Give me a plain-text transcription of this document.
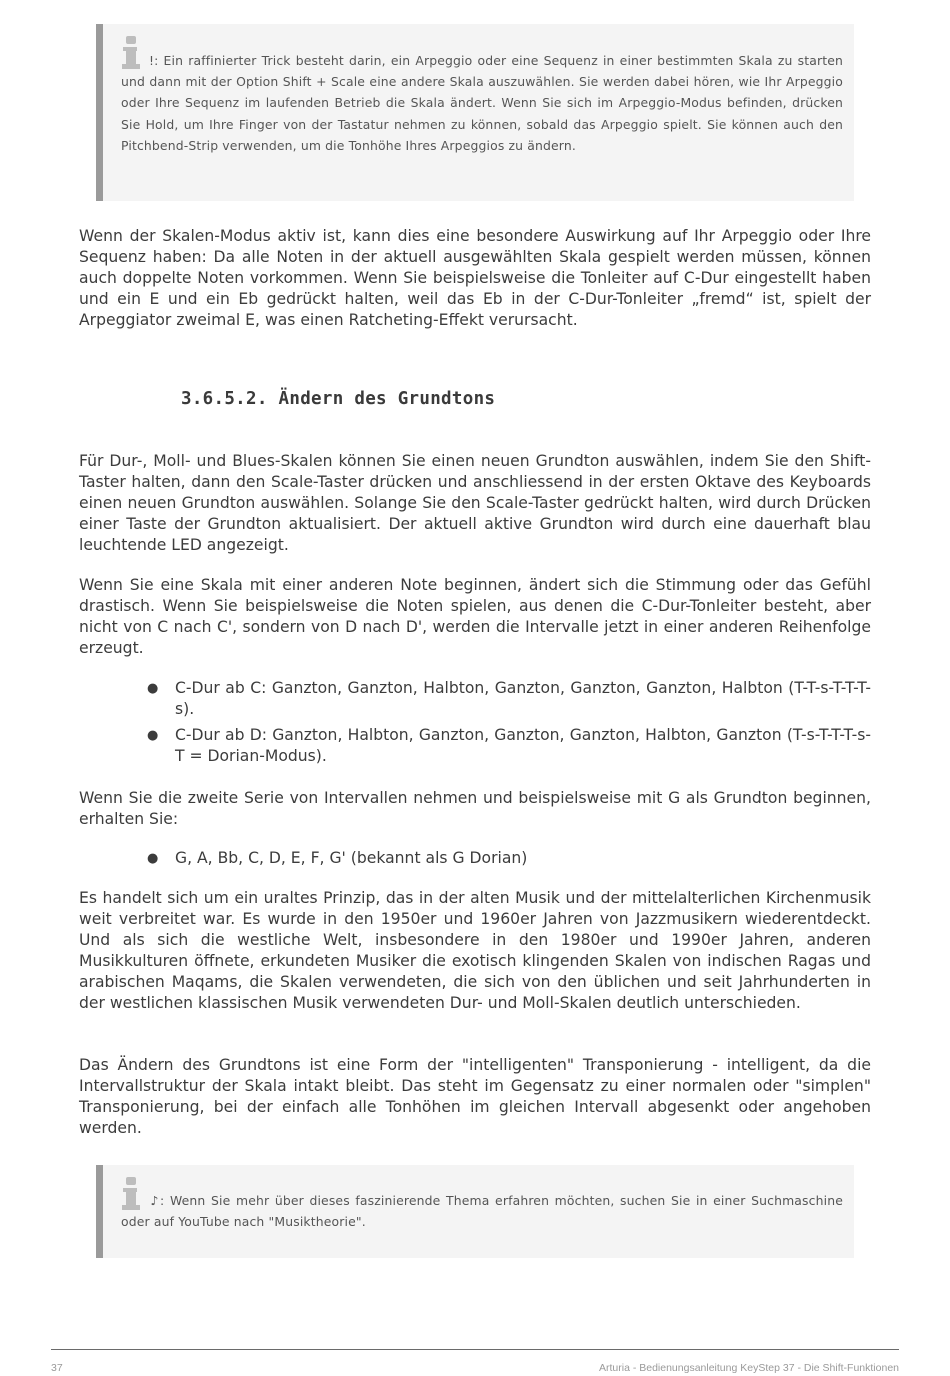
!: Ein raffinierter Trick besteht darin, ein Arpeggio oder eine Sequenz in einer bestimmten Skala zu starten und dann mit der Option Shift + Scale eine andere Skala auszuwählen. Sie werden dabei hören, wie Ihr Arpeggio oder Ihre Sequenz im laufenden Betrieb die Skala ändert. Wenn Sie sich im Arpeggio-Modus befinden, drücken Sie Hold, um Ihre Finger von der Tastatur nehmen zu können, sobald das Arpeggio spielt. Sie können auch den Pitchbend-Strip verwenden, um die Tonhöhe Ihres Arpeggios zu ändern.

Wenn der Skalen-Modus aktiv ist, kann dies eine besondere Auswirkung auf Ihr Arpeggio oder Ihre Sequenz haben: Da alle Noten in der aktuell ausgewählten Skala gespielt werden müssen, können auch doppelte Noten vorkommen. Wenn Sie beispielsweise die Tonleiter auf C-Dur eingestellt haben und ein E und ein Eb gedrückt halten, weil das Eb in der C-Dur-Tonleiter „fremd“ ist, spielt der Arpeggiator zweimal E, was einen Ratcheting-Effekt verursacht.

3.6.5.2. Ändern des Grundtons

Für Dur-, Moll- und Blues-Skalen können Sie einen neuen Grundton auswählen, indem Sie den Shift-Taster halten, dann den Scale-Taster drücken und anschliessend in der ersten Oktave des Keyboards einen neuen Grundton auswählen. Solange Sie den Scale-Taster gedrückt halten, wird durch Drücken einer Taste der Grundton aktualisiert. Der aktuell aktive Grundton wird durch eine dauerhaft blau leuchtende LED angezeigt.

Wenn Sie eine Skala mit einer anderen Note beginnen, ändert sich die Stimmung oder das Gefühl drastisch. Wenn Sie beispielsweise die Noten spielen, aus denen die C-Dur-Tonleiter besteht, aber nicht von C nach C', sondern von D nach D', werden die Intervalle jetzt in einer anderen Reihenfolge erzeugt.

● C-Dur ab C: Ganzton, Ganzton, Halbton, Ganzton, Ganzton, Ganzton, Halbton (T-T-s-T-T-T-s).
● C-Dur ab D: Ganzton, Halbton, Ganzton, Ganzton, Ganzton, Halbton, Ganzton (T-s-T-T-T-s-T = Dorian-Modus).

Wenn Sie die zweite Serie von Intervallen nehmen und beispielsweise mit G als Grundton beginnen, erhalten Sie:

● G, A, Bb, C, D, E, F, G' (bekannt als G Dorian)

Es handelt sich um ein uraltes Prinzip, das in der alten Musik und der mittelalterlichen Kirchenmusik weit verbreitet war. Es wurde in den 1950er und 1960er Jahren von Jazzmusikern wiederentdeckt. Und als sich die westliche Welt, insbesondere in den 1980er und 1990er Jahren, anderen Musikkulturen öffnete, erkundeten Musiker die exotisch klingenden Skalen von indischen Ragas und arabischen Maqams, die Skalen verwendeten, die sich von den üblichen und seit Jahrhunderten in der westlichen klassischen Musik verwendeten Dur- und Moll-Skalen deutlich unterschieden.

Das Ändern des Grundtons ist eine Form der "intelligenten" Transponierung - intelligent, da die Intervallstruktur der Skala intakt bleibt. Das steht im Gegensatz zu einer normalen oder "simplen" Transponierung, bei der einfach alle Tonhöhen im gleichen Intervall abgesenkt oder angehoben werden.

♪: Wenn Sie mehr über dieses faszinierende Thema erfahren möchten, suchen Sie in einer Suchmaschine oder auf YouTube nach "Musiktheorie".
37	Arturia - Bedienungsanleitung KeyStep 37 - Die Shift-Funktionen
